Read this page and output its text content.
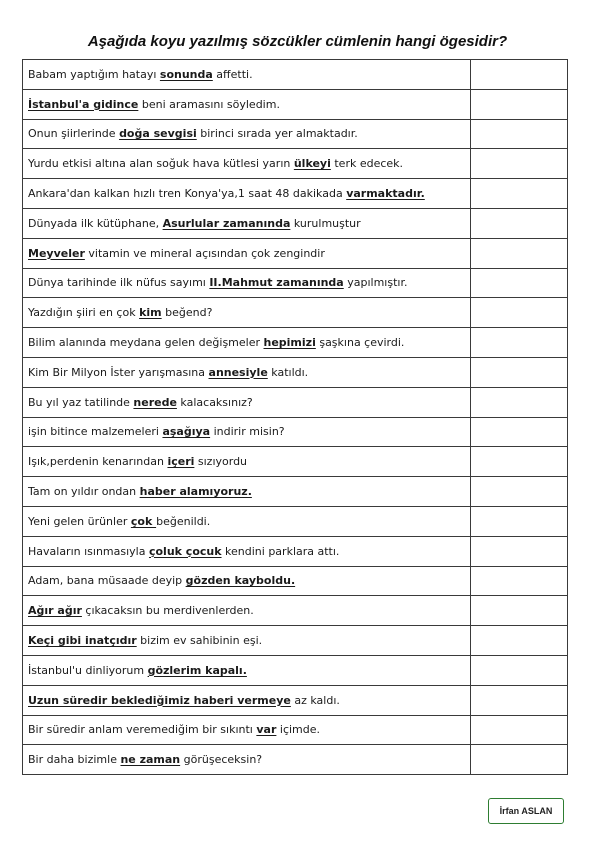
Aşağıda koyu yazılmış sözcükler cümlenin hangi ögesidir?
Babam yaptığım hatayı sonunda affetti.	
İstanbul'a gidince beni aramasını söyledim.	
Onun şiirlerinde doğa sevgisi birinci sırada yer almaktadır.	
Yurdu etkisi altına alan soğuk hava kütlesi yarın ülkeyi terk edecek.	
Ankara'dan kalkan hızlı tren Konya'ya,1 saat 48 dakikada varmaktadır.	
Dünyada ilk kütüphane, Asurlular zamanında kurulmuştur	
Meyveler vitamin ve mineral açısından çok zengindir	
Dünya tarihinde ilk nüfus sayımı II.Mahmut zamanında yapılmıştır.	
Yazdığın şiiri en çok kim beğend?	
Bilim alanında meydana gelen değişmeler hepimizi şaşkına çevirdi.	
Kim Bir Milyon İster yarışmasına annesiyle katıldı.	
Bu yıl yaz tatilinde nerede kalacaksınız?	
işin bitince malzemeleri aşağıya indirir misin?	
Işık,perdenin kenarından içeri sızıyordu	
Tam on yıldır ondan haber alamıyoruz.	
Yeni gelen ürünler çok beğenildi.	
Havaların ısınmasıyla çoluk çocuk kendini parklara attı.	
Adam, bana müsaade deyip gözden kayboldu.	
Ağır ağır çıkacaksın bu merdivenlerden.	
Keçi gibi inatçıdır bizim ev sahibinin eşi.	
İstanbul'u dinliyorum gözlerim kapalı.	
Uzun süredir beklediğimiz haberi vermeye az kaldı.	
Bir süredir anlam veremediğim bir sıkıntı var içimde.	
Bir daha bizimle ne zaman görüşeceksin?	
İrfan ASLAN
